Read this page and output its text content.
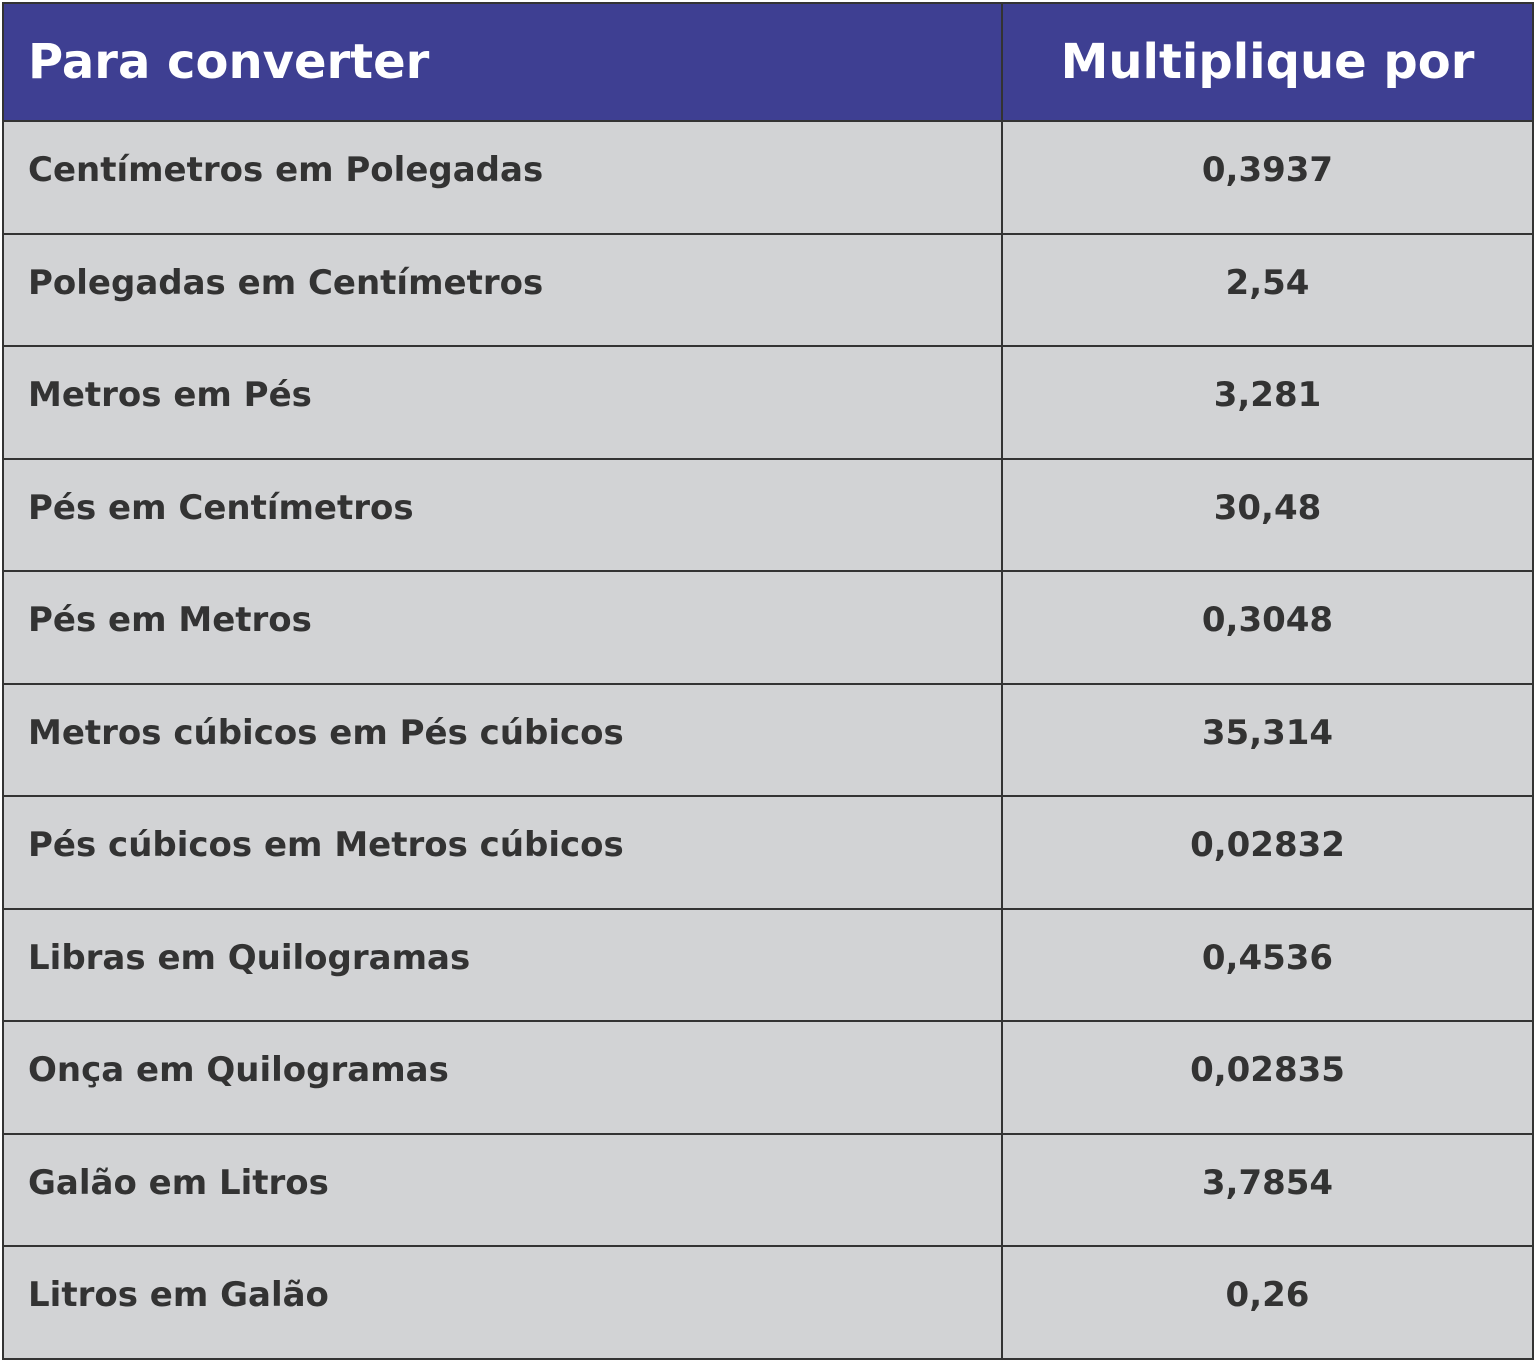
Para converter	Multiplique por
Centímetros em Polegadas	0,3937
Polegadas em Centímetros	2,54
Metros em Pés	3,281
Pés em Centímetros	30,48
Pés em Metros	0,3048
Metros cúbicos em Pés cúbicos	35,314
Pés cúbicos em Metros cúbicos	0,02832
Libras em Quilogramas	0,4536
Onça em Quilogramas	0,02835
Galão em Litros	3,7854
Litros em Galão	0,26
